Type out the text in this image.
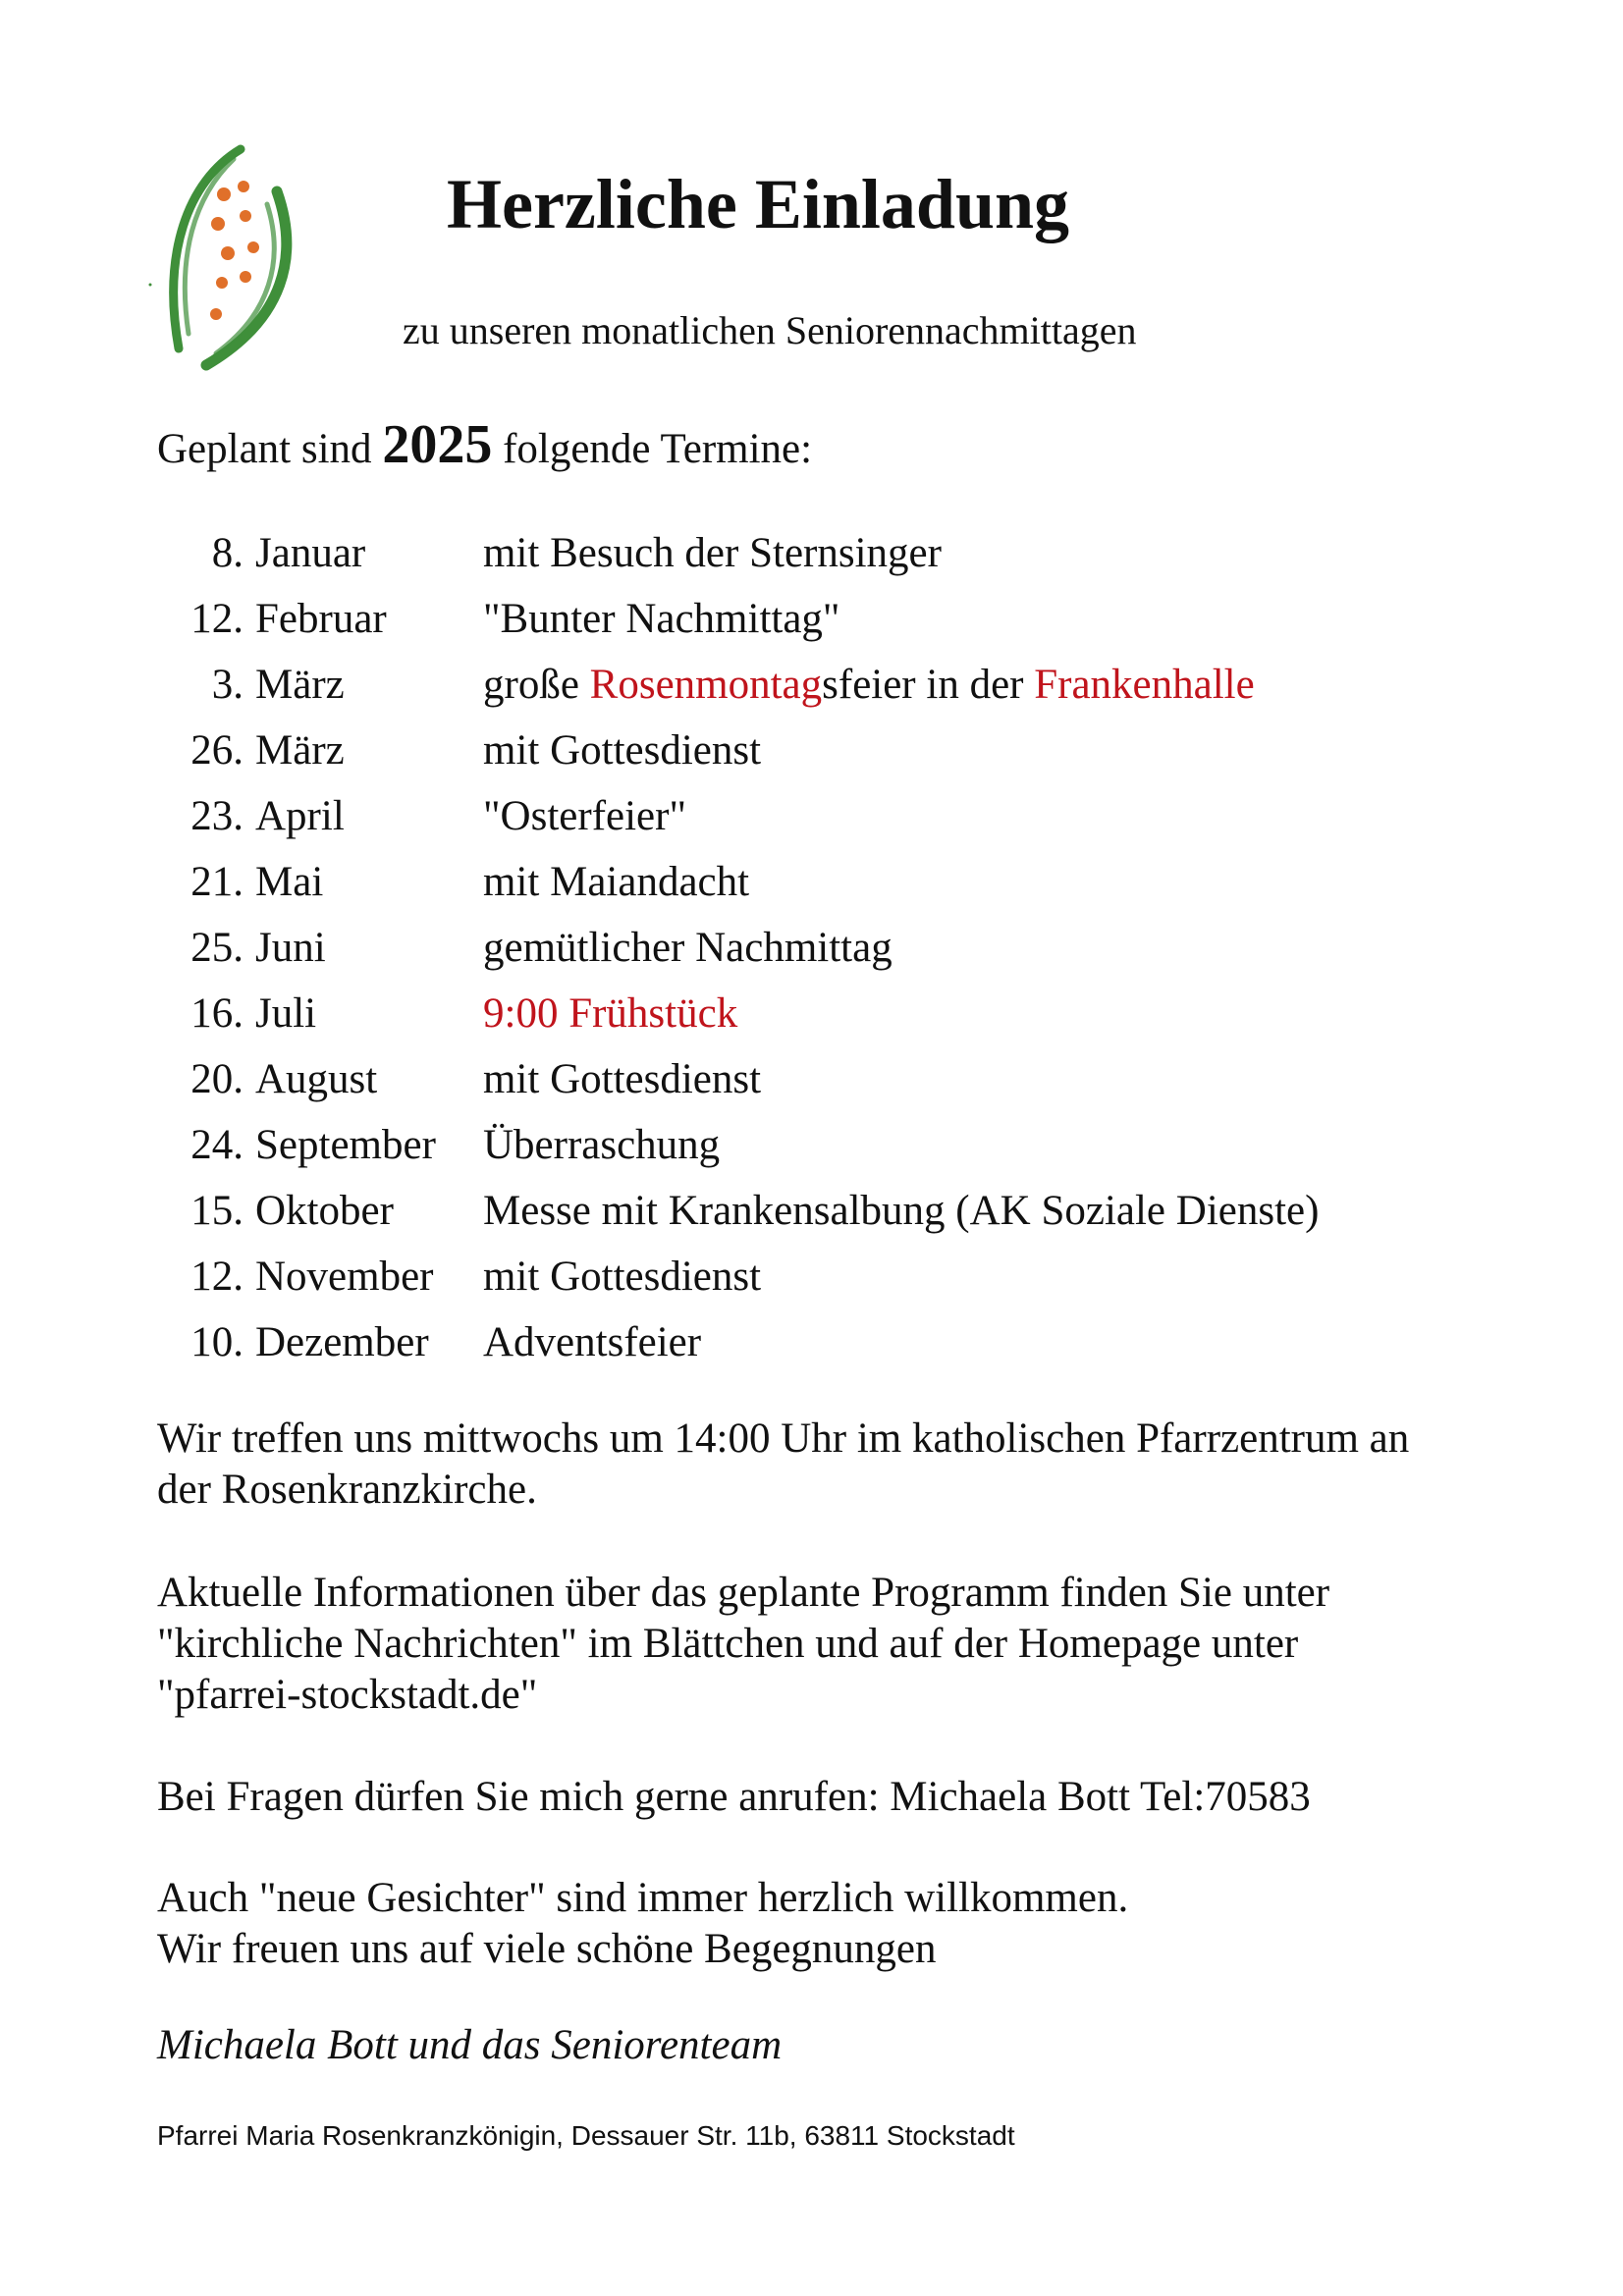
Herzliche Einladung
zu unseren monatlichen Seniorennachmittagen
Geplant sind 2025 folgende Termine:
8. Januar	mit Besuch der Sternsinger
12. Februar "Bunter Nachmittag"
3. März	große Rosenmontagsfeier in der Frankenhalle
26. März	mit Gottesdienst
23. April	"Osterfeier"
21. Mai	mit Maiandacht
25. Juni	gemütlicher Nachmittag
16. Juli	9:00 Frühstück
20. August	mit Gottesdienst
24. September Überraschung
15. Oktober Messe mit Krankensalbung (AK Soziale Dienste)
12. November mit Gottesdienst
10. Dezember Adventsfeier
Wir treffen uns mittwochs um 14:00 Uhr im katholischen Pfarrzentrum an
der Rosenkranzkirche.
Aktuelle Informationen über das geplante Programm finden Sie unter
"kirchliche Nachrichten" im Blättchen und auf der Homepage unter
"pfarrei-stockstadt.de"
Bei Fragen dürfen Sie mich gerne anrufen: Michaela Bott Tel:70583
Auch "neue Gesichter" sind immer herzlich willkommen.
Wir freuen uns auf viele schöne Begegnungen
Michaela Bott und das Seniorenteam
Pfarrei Maria Rosenkranzkönigin, Dessauer Str. 11b, 63811 Stockstadt
